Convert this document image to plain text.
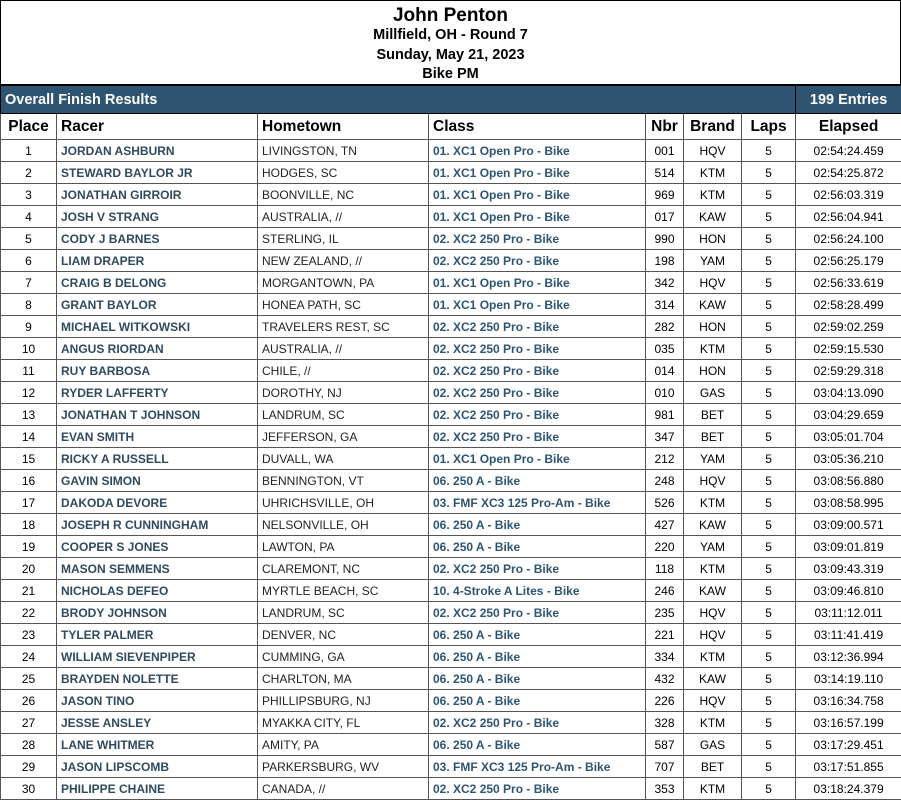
John Penton
Millfield, OH - Round 7
Sunday, May 21, 2023
Bike PM
Overall Finish Results							199 Entries
Place	Racer	Hometown	Class	Nbr	Brand	Laps	Elapsed
1	JORDAN ASHBURN	LIVINGSTON, TN	01. XC1 Open Pro - Bike	001	HQV	5	02:54:24.459
2	STEWARD BAYLOR JR	HODGES, SC	01. XC1 Open Pro - Bike	514	KTM	5	02:54:25.872
3	JONATHAN GIRROIR	BOONVILLE, NC	01. XC1 Open Pro - Bike	969	KTM	5	02:56:03.319
4	JOSH V STRANG	AUSTRALIA, //	01. XC1 Open Pro - Bike	017	KAW	5	02:56:04.941
5	CODY J BARNES	STERLING, IL	02. XC2 250 Pro - Bike	990	HON	5	02:56:24.100
6	LIAM DRAPER	NEW ZEALAND, //	02. XC2 250 Pro - Bike	198	YAM	5	02:56:25.179
7	CRAIG B DELONG	MORGANTOWN, PA	01. XC1 Open Pro - Bike	342	HQV	5	02:56:33.619
8	GRANT BAYLOR	HONEA PATH, SC	01. XC1 Open Pro - Bike	314	KAW	5	02:58:28.499
9	MICHAEL WITKOWSKI	TRAVELERS REST, SC	02. XC2 250 Pro - Bike	282	HON	5	02:59:02.259
10	ANGUS RIORDAN	AUSTRALIA, //	02. XC2 250 Pro - Bike	035	KTM	5	02:59:15.530
11	RUY BARBOSA	CHILE, //	02. XC2 250 Pro - Bike	014	HON	5	02:59:29.318
12	RYDER LAFFERTY	DOROTHY, NJ	02. XC2 250 Pro - Bike	010	GAS	5	03:04:13.090
13	JONATHAN T JOHNSON	LANDRUM, SC	02. XC2 250 Pro - Bike	981	BET	5	03:04:29.659
14	EVAN SMITH	JEFFERSON, GA	02. XC2 250 Pro - Bike	347	BET	5	03:05:01.704
15	RICKY A RUSSELL	DUVALL, WA	01. XC1 Open Pro - Bike	212	YAM	5	03:05:36.210
16	GAVIN SIMON	BENNINGTON, VT	06. 250 A - Bike	248	HQV	5	03:08:56.880
17	DAKODA DEVORE	UHRICHSVILLE, OH	03. FMF XC3 125 Pro-Am - Bike	526	KTM	5	03:08:58.995
18	JOSEPH R CUNNINGHAM	NELSONVILLE, OH	06. 250 A - Bike	427	KAW	5	03:09:00.571
19	COOPER S JONES	LAWTON, PA	06. 250 A - Bike	220	YAM	5	03:09:01.819
20	MASON SEMMENS	CLAREMONT, NC	02. XC2 250 Pro - Bike	118	KTM	5	03:09:43.319
21	NICHOLAS DEFEO	MYRTLE BEACH, SC	10. 4-Stroke A Lites - Bike	246	KAW	5	03:09:46.810
22	BRODY JOHNSON	LANDRUM, SC	02. XC2 250 Pro - Bike	235	HQV	5	03:11:12.011
23	TYLER PALMER	DENVER, NC	06. 250 A - Bike	221	HQV	5	03:11:41.419
24	WILLIAM SIEVENPIPER	CUMMING, GA	06. 250 A - Bike	334	KTM	5	03:12:36.994
25	BRAYDEN NOLETTE	CHARLTON, MA	06. 250 A - Bike	432	KAW	5	03:14:19.110
26	JASON TINO	PHILLIPSBURG, NJ	06. 250 A - Bike	226	HQV	5	03:16:34.758
27	JESSE ANSLEY	MYAKKA CITY, FL	02. XC2 250 Pro - Bike	328	KTM	5	03:16:57.199
28	LANE WHITMER	AMITY, PA	06. 250 A - Bike	587	GAS	5	03:17:29.451
29	JASON LIPSCOMB	PARKERSBURG, WV	03. FMF XC3 125 Pro-Am - Bike	707	BET	5	03:17:51.855
30	PHILIPPE CHAINE	CANADA, //	02. XC2 250 Pro - Bike	353	KTM	5	03:18:24.379
